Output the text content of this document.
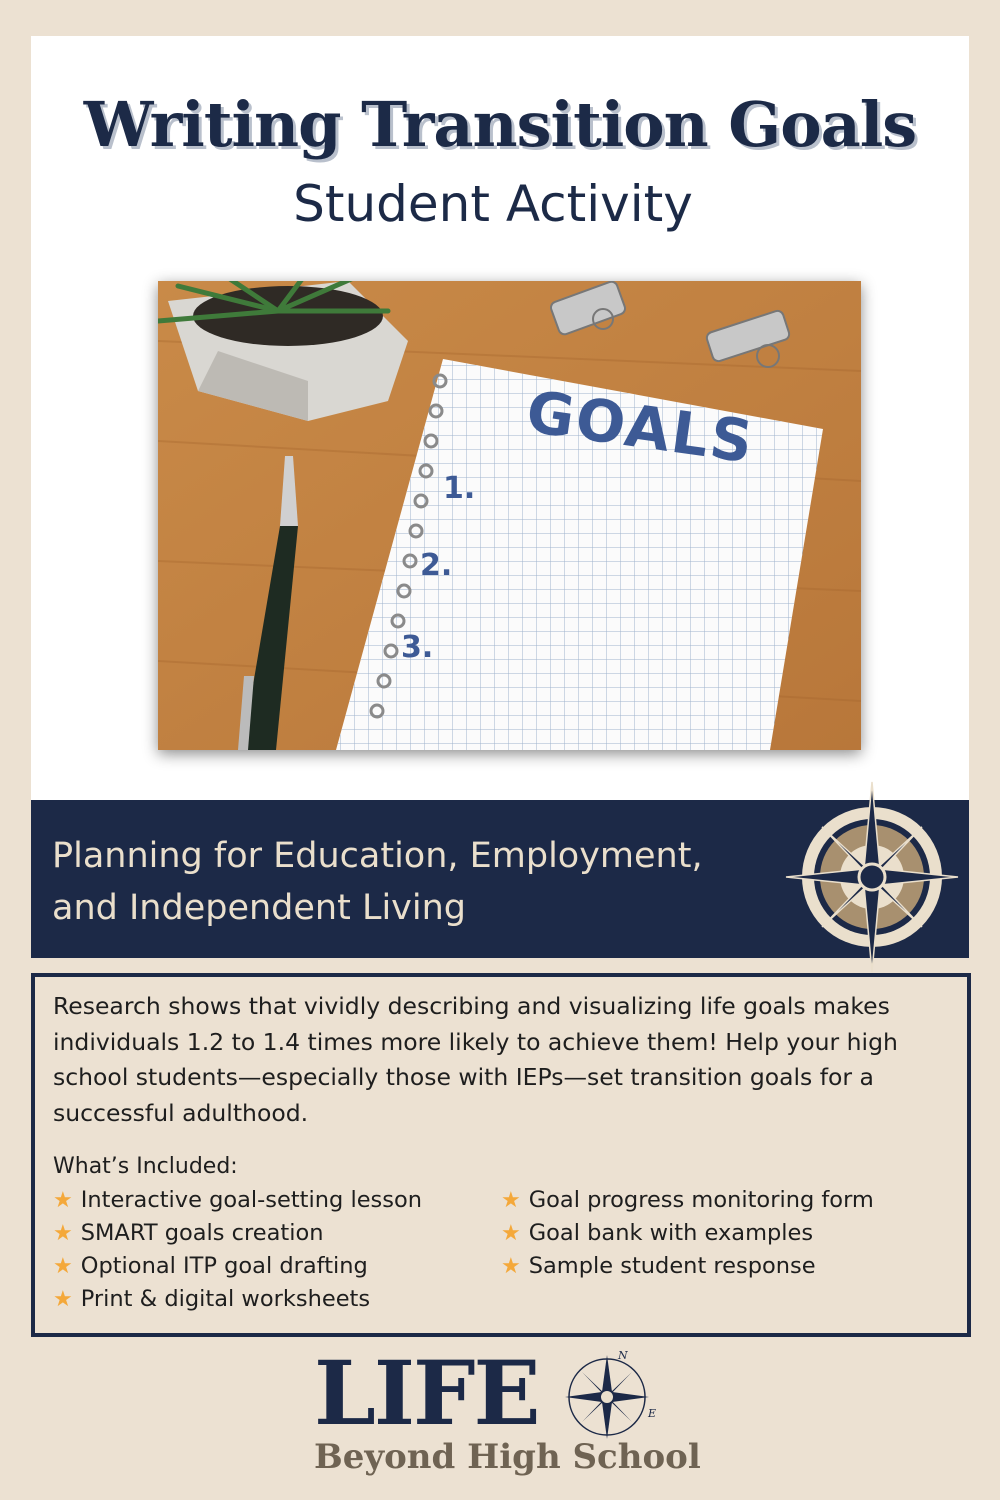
Writing Transition Goals
Student Activity
GOALS
1.
2.
3.
Planning for Education, Employment,
and Independent Living
Research shows that vividly describing and visualizing life goals makes individuals 1.2 to 1.4 times more likely to achieve them! Help your high school students—especially those with IEPs—set transition goals for a successful adulthood.
What’s Included:
★ Interactive goal-setting lesson
★ SMART goals creation
★ Optional ITP goal drafting
★ Print & digital worksheets
★ Goal progress monitoring form
★ Goal bank with examples
★ Sample student response
LIFE	N
E
Beyond High School
